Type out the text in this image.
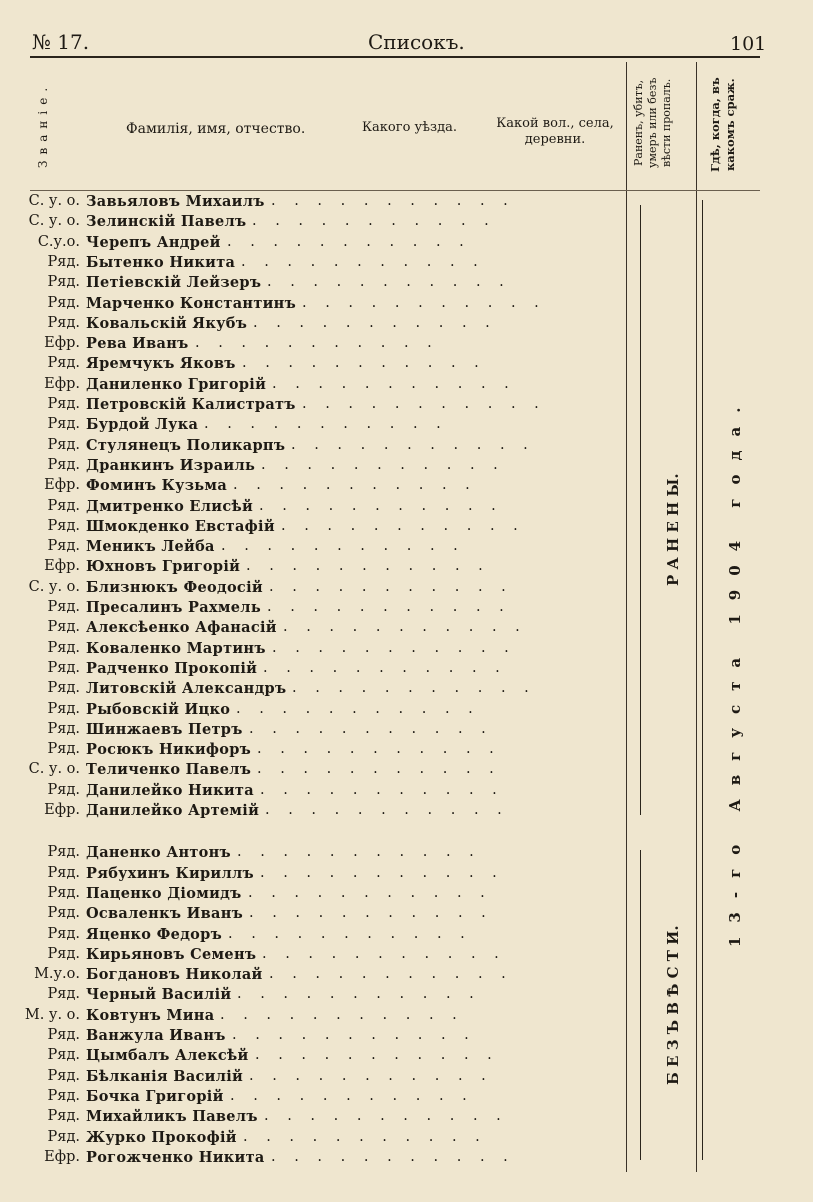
№ 17.	Списокъ.	101
Званіе.	Фамилія, имя, отчество.	Какого уѣзда.	Какой вол., села, деревни.	Раненъ, убитъ, умеръ или безъ вѣсти пропалъ.	Гдѣ, когда, въ какомъ сраж.
С. у. о. Завьяловъ Михаилъ . . . . . . . . . . .
С. у. о. Зелинскій Павелъ . . . . . . . . . . .
С.у.о. Черепъ Андрей . . . . . . . . . . .
Ряд. Бытенко Никита . . . . . . . . . . .
Ряд. Петіевскій Лейзеръ . . . . . . . . . . .
Ряд. Марченко Константинъ . . . . . . . . . . .
Ряд. Ковальскій Якубъ . . . . . . . . . . .
Ефр. Рева Иванъ . . . . . . . . . . .
Ряд. Яремчукъ Яковъ . . . . . . . . . . .
Ефр. Даниленко Григорій . . . . . . . . . . .
Ряд. Петровскій Калистратъ . . . . . . . . . . .
Ряд. Бурдой Лука . . . . . . . . . . .
Ряд. Стулянецъ Поликарпъ . . . . . . . . . . .
Ряд. Дранкинъ Израиль . . . . . . . . . . .
Ефр. Фоминъ Кузьма . . . . . . . . . . .
Ряд. Дмитренко Елисѣй . . . . . . . . . . .
Ряд. Шмокденко Евстафій . . . . . . . . . . .
Ряд. Меникъ Лейба . . . . . . . . . . .
Ефр. Юхновъ Григорій . . . . . . . . . . .
С. у. о. Близнюкъ Феодосій . . . . . . . . . . .
Ряд. Пресалинъ Рахмель . . . . . . . . . . .
Ряд. Алексѣенко Афанасій . . . . . . . . . . .
Ряд. Коваленко Мартинъ . . . . . . . . . . .
Ряд. Радченко Прокопій . . . . . . . . . . .
Ряд. Литовскій Александръ . . . . . . . . . . .
Ряд. Рыбовскій Ицко . . . . . . . . . . .
Ряд. Шинжаевъ Петръ . . . . . . . . . . .
Ряд. Росюкъ Никифоръ . . . . . . . . . . .
С. у. о. Теличенко Павелъ . . . . . . . . . . .
Ряд. Данилейко Никита . . . . . . . . . . .
Ефр. Данилейко Артемій . . . . . . . . . . .
Ряд. Даненко Антонъ . . . . . . . . . . .
Ряд. Рябухинъ Кириллъ . . . . . . . . . . .
Ряд. Паценко Діомидъ . . . . . . . . . . .
Ряд. Осваленкъ Иванъ . . . . . . . . . . .
Ряд. Яценко Федоръ . . . . . . . . . . .
Ряд. Кирьяновъ Семенъ . . . . . . . . . . .
М.у.о. Богдановъ Николай . . . . . . . . . . .
Ряд. Черный Василій . . . . . . . . . . .
М. у. о. Ковтунъ Мина . . . . . . . . . . .
Ряд. Ванжула Иванъ . . . . . . . . . . .
Ряд. Цымбалъ Алексѣй . . . . . . . . . . .
Ряд. Бѣлканія Василій . . . . . . . . . . .
Ряд. Бочка Григорій . . . . . . . . . . .
Ряд. Михайликъ Павелъ . . . . . . . . . . .
Ряд. Журко Прокофій . . . . . . . . . . .
Ефр. Рогожченко Никита . . . . . . . . . . .
Р А Н Е Н Ы.
Б Е З Ъ В Ѣ С Т И.
13-го Августа 1904 года.
